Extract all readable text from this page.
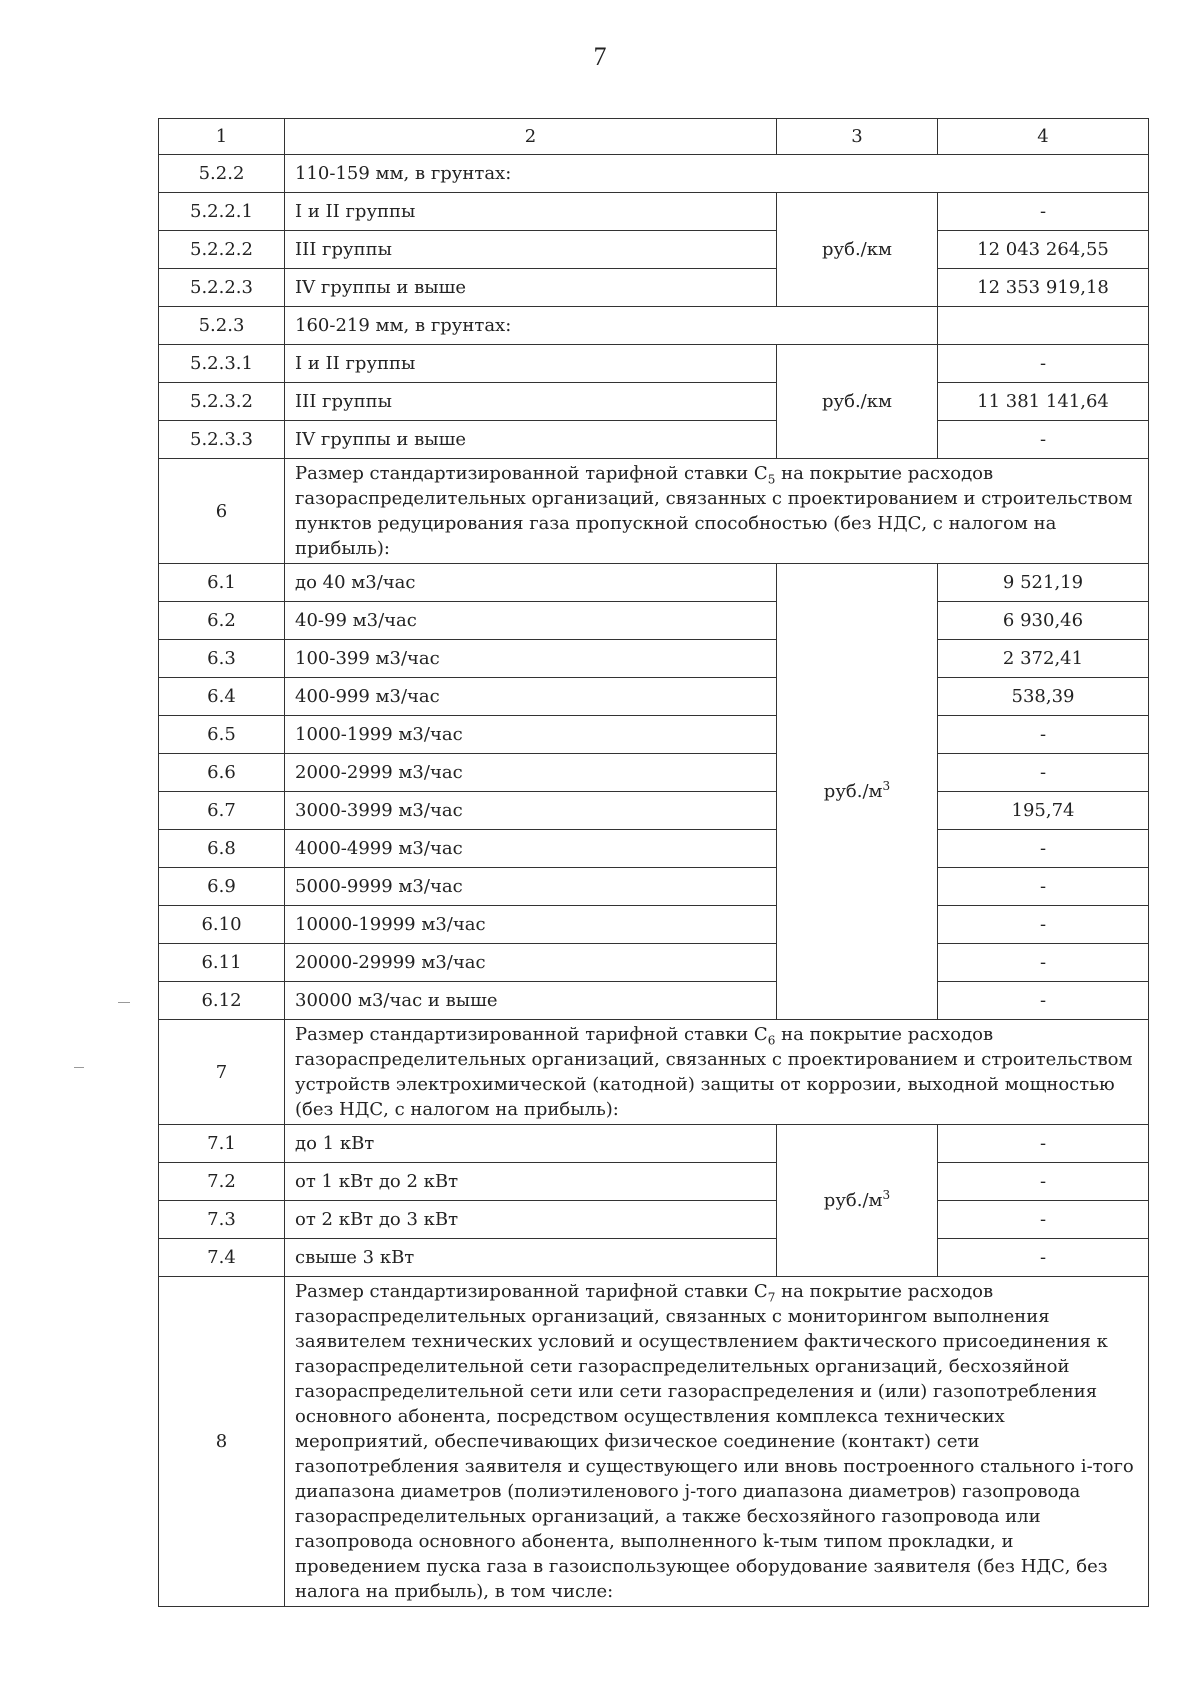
7
1	2	3	4
5.2.2	110-159 мм, в грунтах:		
5.2.2.1	I и II группы	руб./км	-
5.2.2.2	III группы		12 043 264,55
5.2.2.3	IV группы и выше		12 353 919,18
5.2.3	160-219 мм, в грунтах:		
5.2.3.1	I и II группы	руб./км	-
5.2.3.2	III группы		11 381 141,64
5.2.3.3	IV группы и выше		-
6	Размер стандартизированной тарифной ставки $С_5$ на покрытие расходов газораспределительных организаций, связанных с проектированием и строительством пунктов редуцирования газа пропускной способностью (без НДС, с налогом на прибыль):		
6.1	до 40 м3/час	$руб./м^3$	9 521,19
6.2	40-99 м3/час		6 930,46
6.3	100-399 м3/час		2 372,41
6.4	400-999 м3/час		538,39
6.5	1000-1999 м3/час		-
6.6	2000-2999 м3/час		-
6.7	3000-3999 м3/час		195,74
6.8	4000-4999 м3/час		-
6.9	5000-9999 м3/час		-
6.10	10000-19999 м3/час		-
6.11	20000-29999 м3/час		-
6.12	30000 м3/час и выше		-
7	Размер стандартизированной тарифной ставки $С_6$ на покрытие расходов газораспределительных организаций, связанных с проектированием и строительством устройств электрохимической (катодной) защиты от коррозии, выходной мощностью (без НДС, с налогом на прибыль):		
7.1	до 1 кВт	$руб./м^3$	-
7.2	от 1 кВт до 2 кВт		-
7.3	от 2 кВт до 3 кВт		-
7.4	свыше 3 кВт		-
8	Размер стандартизированной тарифной ставки $С_7$ на покрытие расходов газораспределительных организаций, связанных с мониторингом выполнения заявителем технических условий и осуществлением фактического присоединения к газораспределительной сети газораспределительных организаций, бесхозяйной газораспределительной сети или сети газораспределения и (или) газопотребления основного абонента, посредством осуществления комплекса технических мероприятий, обеспечивающих физическое соединение (контакт) сети газопотребления заявителя и существующего или вновь построенного стального i-того диапазона диаметров (полиэтиленового j-того диапазона диаметров) газопровода газораспределительных организаций, а также бесхозяйного газопровода или газопровода основного абонента, выполненного k-тым типом прокладки, и проведением пуска газа в газоиспользующее оборудование заявителя (без НДС, без налога на прибыль), в том числе:		
